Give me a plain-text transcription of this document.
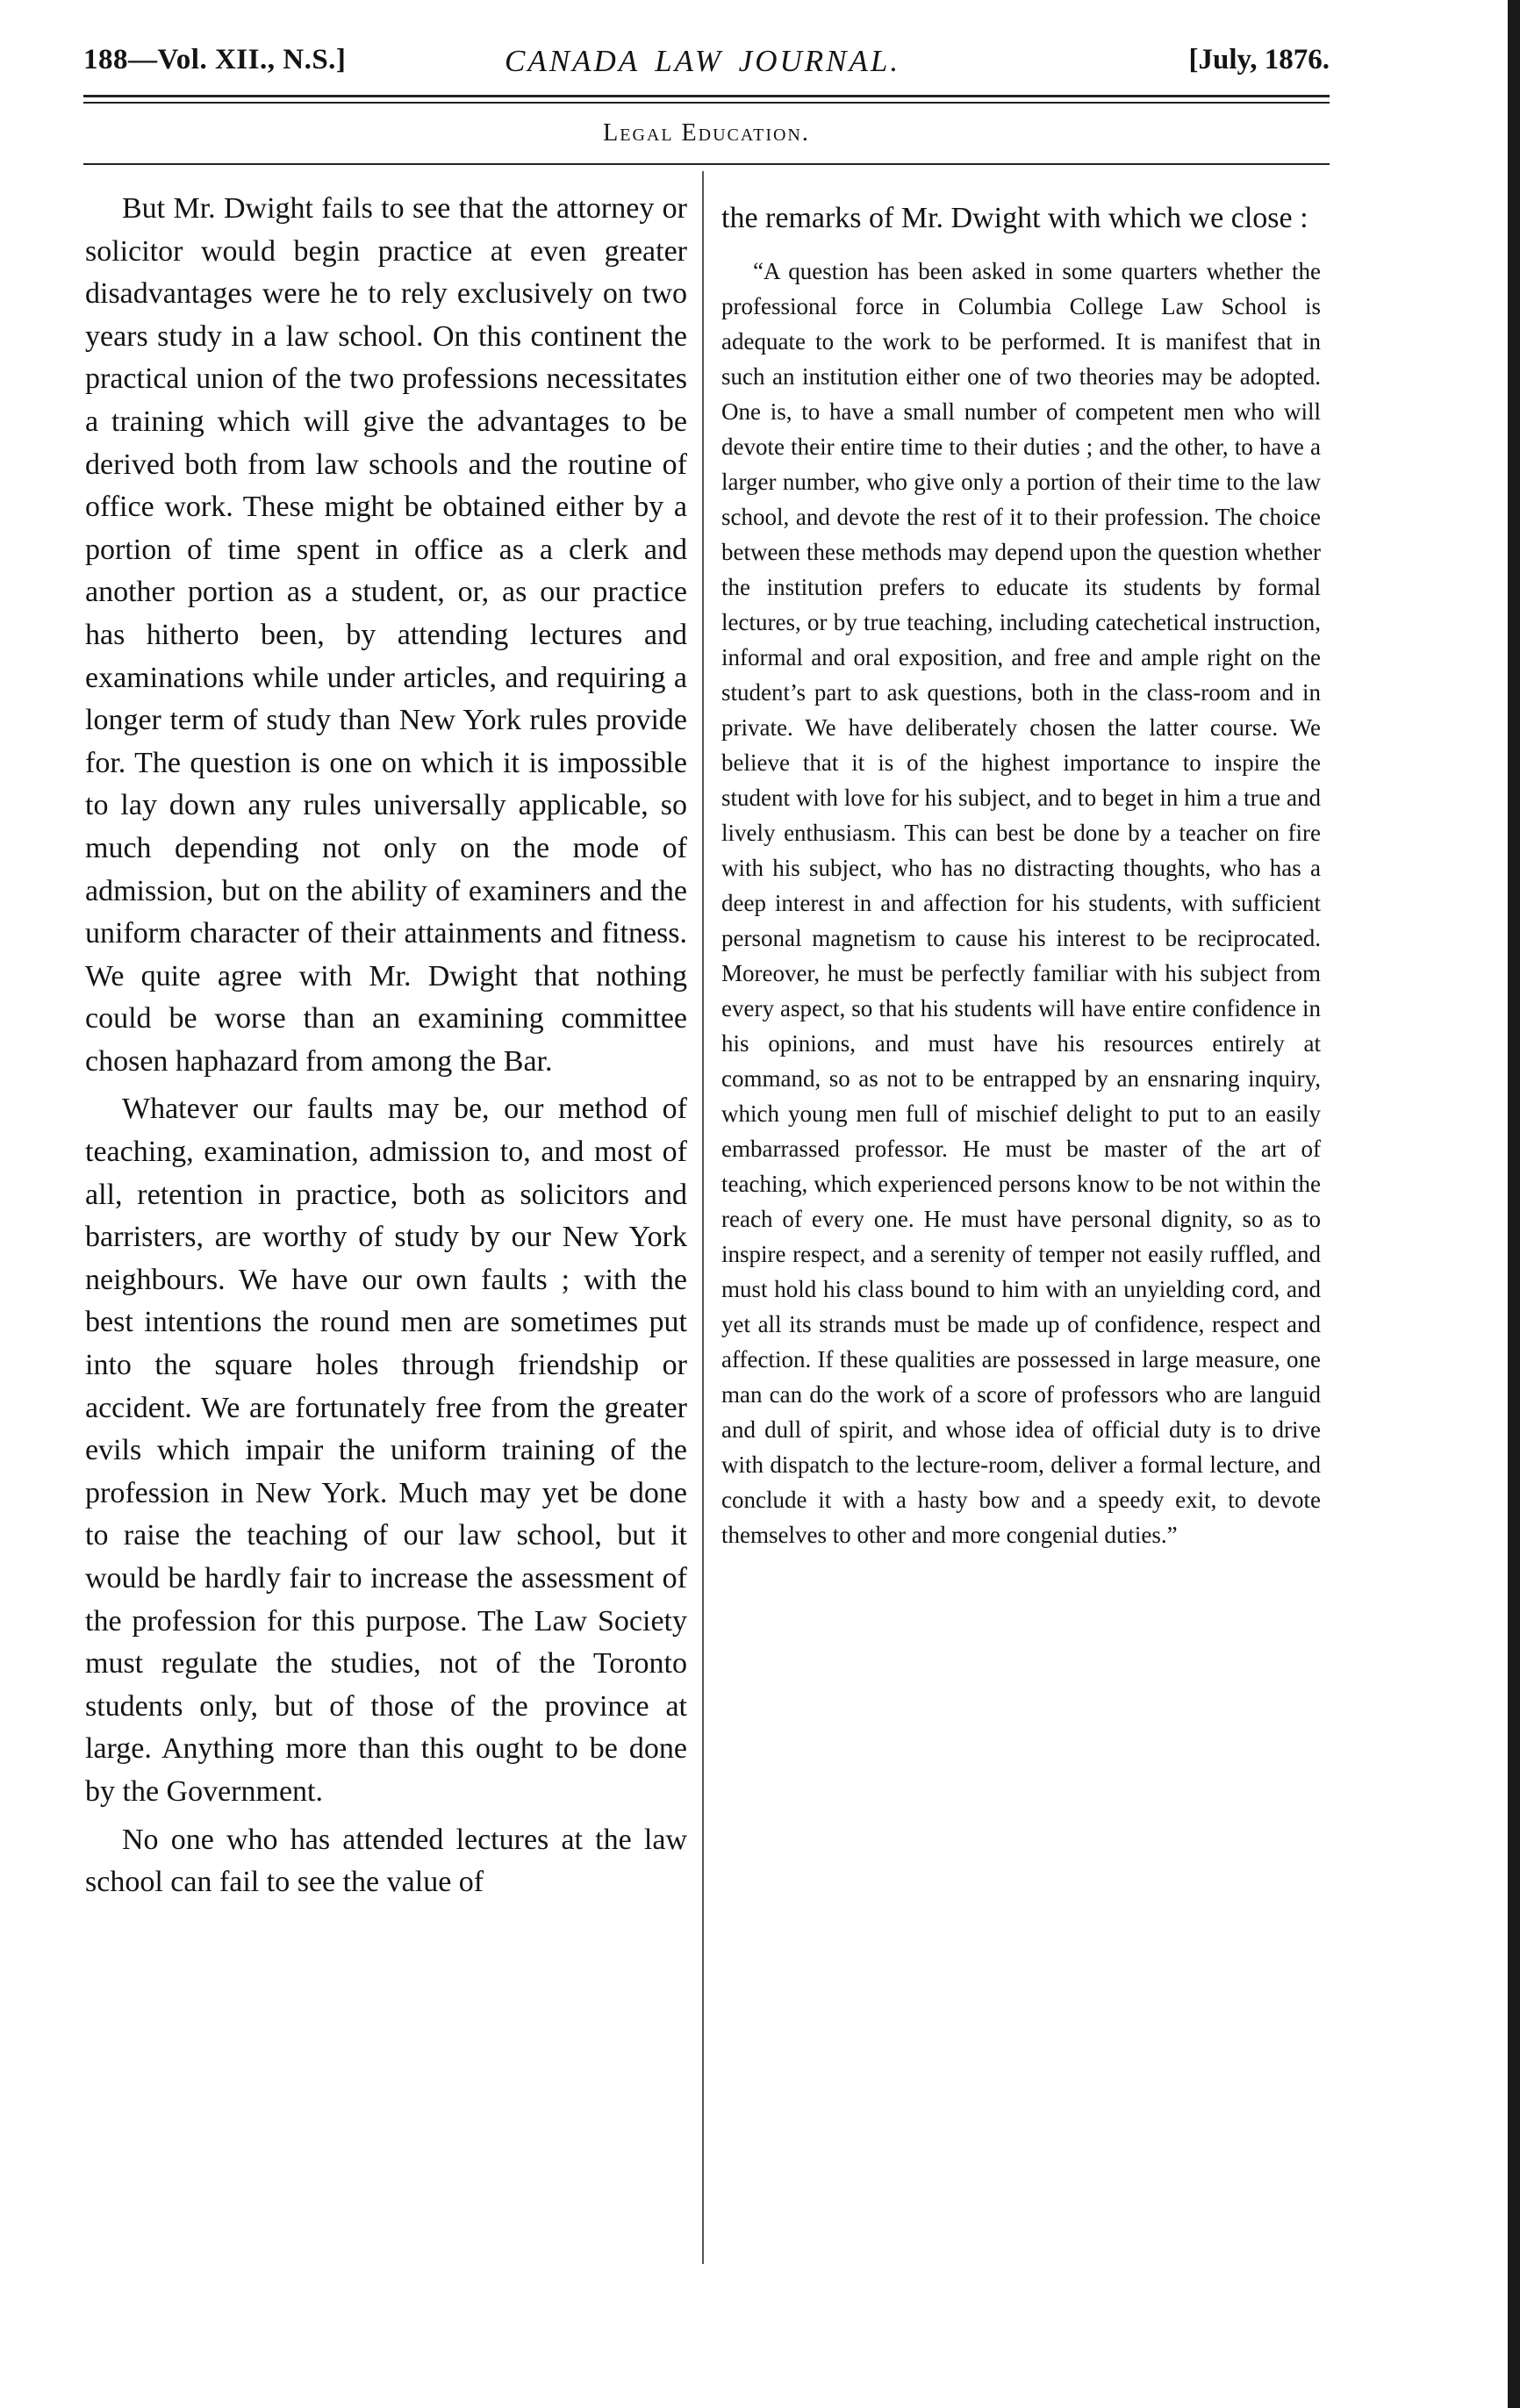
188—Vol. XII., N.S.]	CANADA LAW JOURNAL.	[July, 1876.
Legal Education.

But Mr. Dwight fails to see that the attorney or solicitor would begin practice at even greater disadvantages were he to rely exclusively on two years study in a law school. On this continent the practical union of the two professions necessitates a training which will give the advantages to be derived both from law schools and the routine of office work. These might be obtained either by a portion of time spent in office as a clerk and another portion as a student, or, as our practice has hitherto been, by attending lectures and examinations while under articles, and requiring a longer term of study than New York rules provide for. The question is one on which it is impossible to lay down any rules universally applicable, so much depending not only on the mode of admission, but on the ability of examiners and the uniform character of their attainments and fitness. We quite agree with Mr. Dwight that nothing could be worse than an examining committee chosen haphazard from among the Bar.

Whatever our faults may be, our method of teaching, examination, admission to, and most of all, retention in practice, both as solicitors and barristers, are worthy of study by our New York neighbours. We have our own faults ; with the best intentions the round men are sometimes put into the square holes through friendship or accident. We are fortunately free from the greater evils which impair the uniform training of the profession in New York. Much may yet be done to raise the teaching of our law school, but it would be hardly fair to increase the assessment of the profession for this purpose. The Law Society must regulate the studies, not of the Toronto students only, but of those of the province at large. Anything more than this ought to be done by the Government.

No one who has attended lectures at the law school can fail to see the value of

the remarks of Mr. Dwight with which we close :

“A question has been asked in some quarters whether the professional force in Columbia College Law School is adequate to the work to be performed. It is manifest that in such an institution either one of two theories may be adopted. One is, to have a small number of competent men who will devote their entire time to their duties ; and the other, to have a larger number, who give only a portion of their time to the law school, and devote the rest of it to their profession. The choice between these methods may depend upon the question whether the institution prefers to educate its students by formal lectures, or by true teaching, including catechetical instruction, informal and oral exposition, and free and ample right on the student’s part to ask questions, both in the class-room and in private. We have deliberately chosen the latter course. We believe that it is of the highest importance to inspire the student with love for his subject, and to beget in him a true and lively enthusiasm. This can best be done by a teacher on fire with his subject, who has no distracting thoughts, who has a deep interest in and affection for his students, with sufficient personal magnetism to cause his interest to be reciprocated. Moreover, he must be perfectly familiar with his subject from every aspect, so that his students will have entire confidence in his opinions, and must have his resources entirely at command, so as not to be entrapped by an ensnaring inquiry, which young men full of mischief delight to put to an easily embarrassed professor. He must be master of the art of teaching, which experienced persons know to be not within the reach of every one. He must have personal dignity, so as to inspire respect, and a serenity of temper not easily ruffled, and must hold his class bound to him with an unyielding cord, and yet all its strands must be made up of confidence, respect and affection. If these qualities are possessed in large measure, one man can do the work of a score of professors who are languid and dull of spirit, and whose idea of official duty is to drive with dispatch to the lecture-room, deliver a formal lecture, and conclude it with a hasty bow and a speedy exit, to devote themselves to other and more congenial duties.”
